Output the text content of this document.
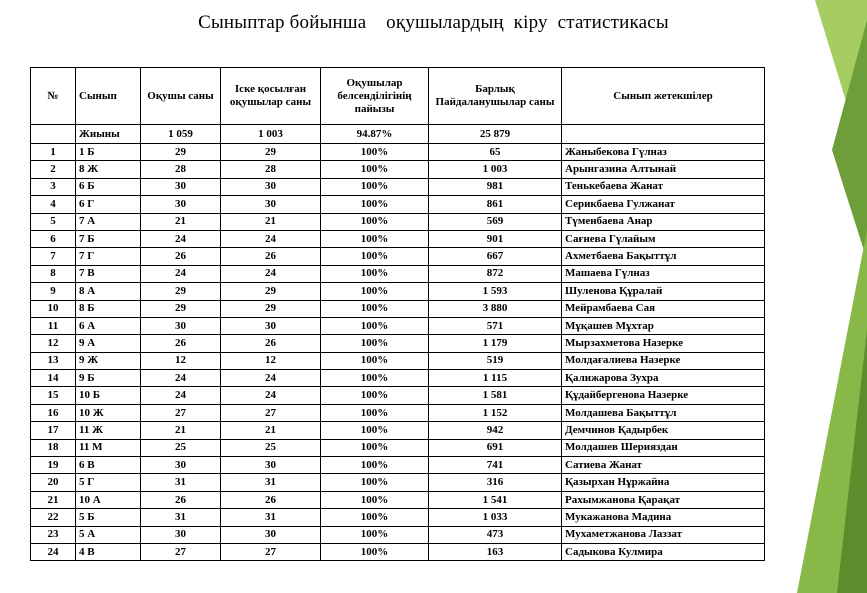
Сыныптар бойынша    оқушылардың  кіру  статистикасы
№	Сынып	Оқушы саны	Іске қосылған оқушылар саны	Оқушылар белсенділігінің пайызы	Барлық Пайдаланушылар саны	Сынып жетекшілер
	Жиыны	1 059	1 003	94.87%	25 879	
1	1 Б	29	29	100%	65	Жаныбекова Гүлназ
2	8 Ж	28	28	100%	1 003	Арынгазина Алтынай
3	6 Б	30	30	100%	981	Тенькебаева Жанат
4	6 Г	30	30	100%	861	Серикбаева Гулжанат
5	7 А	21	21	100%	569	Түменбаева Анар
6	7 Б	24	24	100%	901	Сағнева Гүлайым
7	7 Г	26	26	100%	667	Ахметбаева Бақыттұл
8	7 В	24	24	100%	872	Машаева Гүлназ
9	8 А	29	29	100%	1 593	Шуленова Құралай
10	8 Б	29	29	100%	3 880	Мейрамбаева Сая
11	6 А	30	30	100%	571	Мұқашев Мұхтар
12	9 А	26	26	100%	1 179	Мырзахметова Назерке
13	9 Ж	12	12	100%	519	Молдағалиева Назерке
14	9 Б	24	24	100%	1 115	Қалижарова Зухра
15	10 Б	24	24	100%	1 581	Құдайбергенова Назерке
16	10 Ж	27	27	100%	1 152	Молдашева Бақыттұл
17	11 Ж	21	21	100%	942	Демчинов Қадырбек
18	11 М	25	25	100%	691	Молдашев Шерияздан
19	6 В	30	30	100%	741	Сатиева Жанат
20	5 Г	31	31	100%	316	Қазырхан Нұржайна
21	10 А	26	26	100%	1 541	Рахымжанова Қарақат
22	5 Б	31	31	100%	1 033	Мукажанова Мадина
23	5 А	30	30	100%	473	Мухаметжанова Лаззат
24	4 В	27	27	100%	163	Садыкова Кулмира
